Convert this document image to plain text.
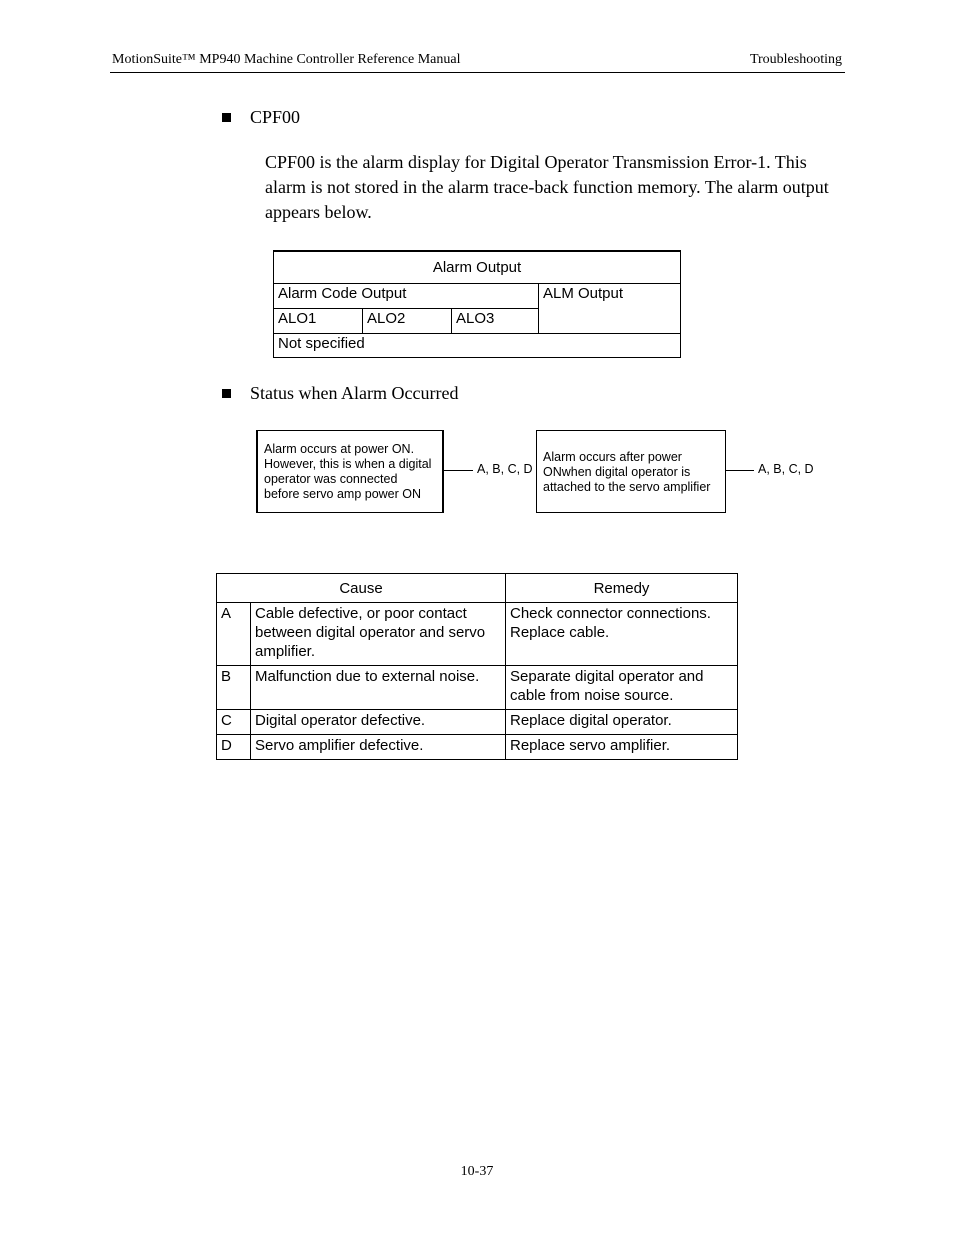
MotionSuite™ MP940 Machine Controller Reference Manual	Troubleshooting
CPF00
CPF00 is the alarm display for Digital Operator Transmission Error-1. This alarm is not stored in the alarm trace-back function memory. The alarm output appears below.
Alarm Output			
Alarm Code Output			ALM Output
ALO1	ALO2	ALO3	
Not specified			
Status when Alarm Occurred
Alarm occurs at power ON. However, this is when a digital operator was connected before servo amp power ON
A, B, C, D
Alarm occurs after power ONwhen digital operator is attached to the servo amplifier
A, B, C, D
Cause		Remedy
A	Cable defective, or poor contact between digital operator and servo amplifier.	Check connector connections. Replace cable.
B	Malfunction due to external noise.	Separate digital operator and cable from noise source.
C	Digital operator defective.	Replace digital operator.
D	Servo amplifier defective.	Replace servo amplifier.
10-37
